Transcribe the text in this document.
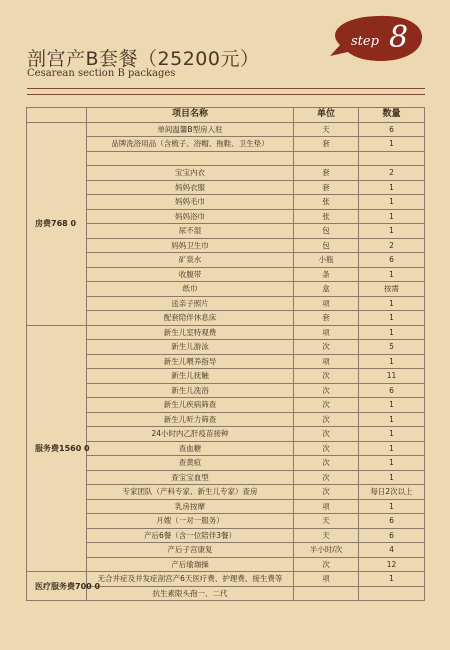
剖宫产B套餐（25200元）
Cesarean section B packages
step 8
	项目名称	单位	数量
房费768 0	单间温馨B型房入驻	天	6
	品牌洗浴用品（含梳子、浴帽、拖鞋、卫生垫）	套	1

	宝宝内衣	套	2
	妈妈衣服	套	1
	妈妈毛巾	张	1
	妈妈浴巾	张	1
	尿不湿	包	1
	妈妈卫生巾	包	2
	矿泉水	小瓶	6
	收腹带	条	1
	纸巾	盒	按需
	送亲子照片	项	1
	配套陪伴休息床	套	1
服务费1560 0	新生儿室特观费	项	1
	新生儿游泳	次	5
	新生儿喂养指导	项	1
	新生儿抚触	次	11
	新生儿洗浴	次	6
	新生儿疾病筛查	次	1
	新生儿听力筛查	次	1
	24小时内乙肝疫苗接种	次	1
	查血糖	次	1
	查黄疸	次	1
	查宝宝血型	次	1
	专家团队（产科专家、新生儿专家）查房	次	每日2次以上
	乳房按摩	项	1
	月嫂（一对一服务）	天	6
	产后6餐（含一位陪伴3餐）	天	6
	产后子宫康复	半小时/次	4
	产后瑜珈操	次	12
医疗服务费700 0	无合并症及并发症剖宫产6天医疗费、护理费、接生费等	项	1
	抗生素限头孢一、二代		
